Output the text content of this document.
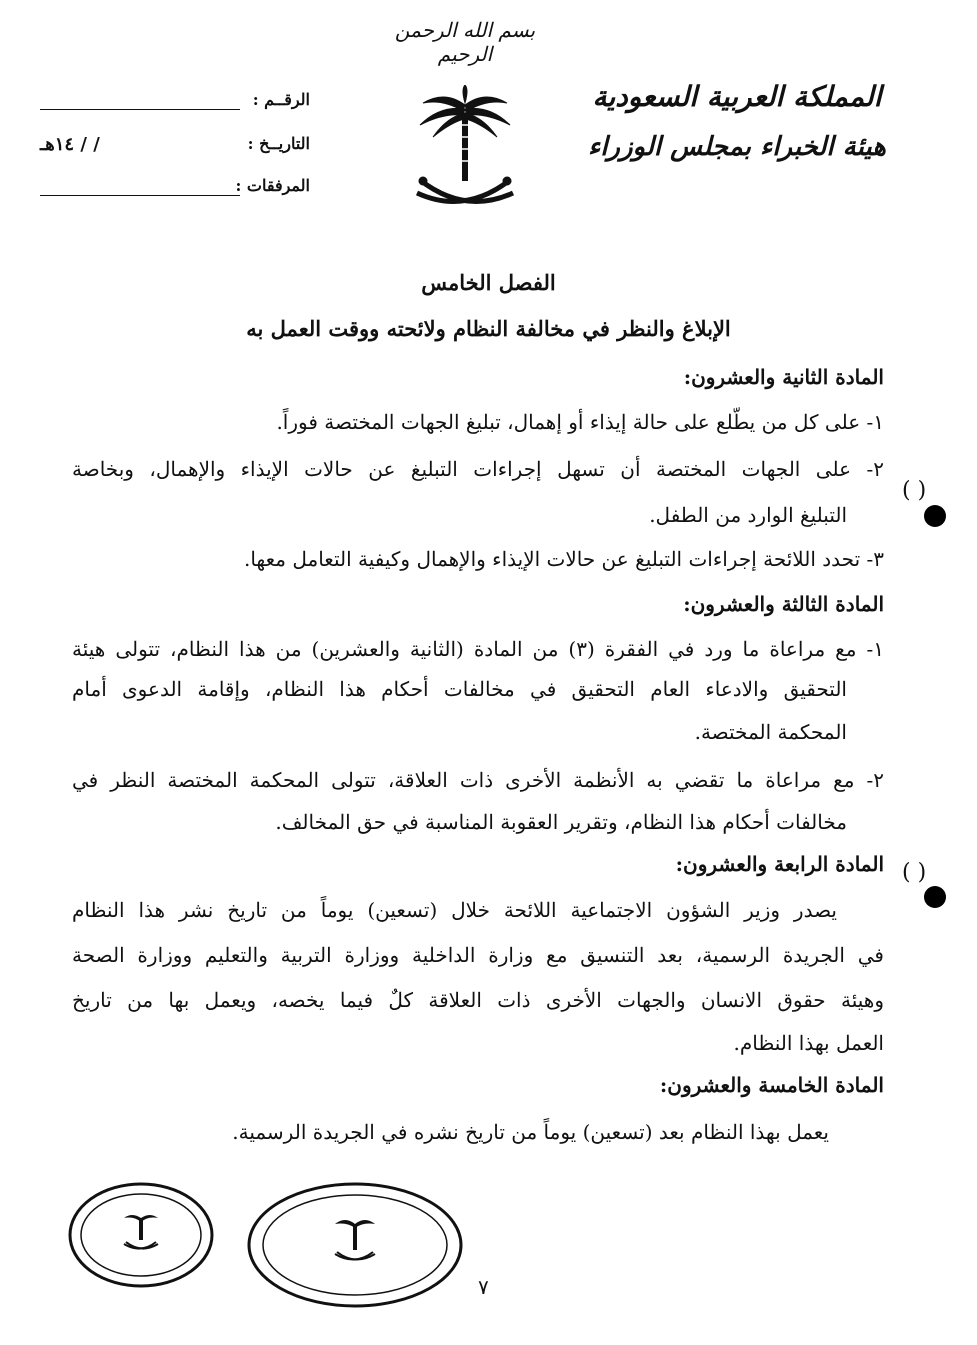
بسم الله الرحمن الرحيم
المملكة العربية السعودية
هيئة الخبراء بمجلس الوزراء
الرقــم :
التاريــخ :
/ / ١٤هـ
المرفقات :
الفصل الخامس
الإبلاغ والنظر في مخالفة النظام ولائحته ووقت العمل به
المادة الثانية والعشرون:
١- على كل من يطّلع على حالة إيذاء أو إهمال، تبليغ الجهات المختصة فوراً.
٢- على الجهات المختصة أن تسهل إجراءات التبليغ عن حالات الإيذاء والإهمال، وبخاصة
التبليغ الوارد من الطفل.
٣- تحدد اللائحة إجراءات التبليغ عن حالات الإيذاء والإهمال وكيفية التعامل معها.
المادة الثالثة والعشرون:
١- مع مراعاة ما ورد في الفقرة (٣) من المادة (الثانية والعشرين) من هذا النظام، تتولى هيئة
التحقيق والادعاء العام التحقيق في مخالفات أحكام هذا النظام، وإقامة الدعوى أمام
المحكمة المختصة.
٢- مع مراعاة ما تقضي به الأنظمة الأخرى ذات العلاقة، تتولى المحكمة المختصة النظر في
مخالفات أحكام هذا النظام، وتقرير العقوبة المناسبة في حق المخالف.
المادة الرابعة والعشرون:
يصدر وزير الشؤون الاجتماعية اللائحة خلال (تسعين) يوماً من تاريخ نشر هذا النظام
في الجريدة الرسمية، بعد التنسيق مع وزارة الداخلية ووزارة التربية والتعليم ووزارة الصحة
وهيئة حقوق الانسان والجهات الأخرى ذات العلاقة كلٌ فيما يخصه، ويعمل بها من تاريخ
العمل بهذا النظام.
المادة الخامسة والعشرون:
يعمل بهذا النظام بعد (تسعين) يوماً من تاريخ نشره في الجريدة الرسمية.
( )
( )
٧
